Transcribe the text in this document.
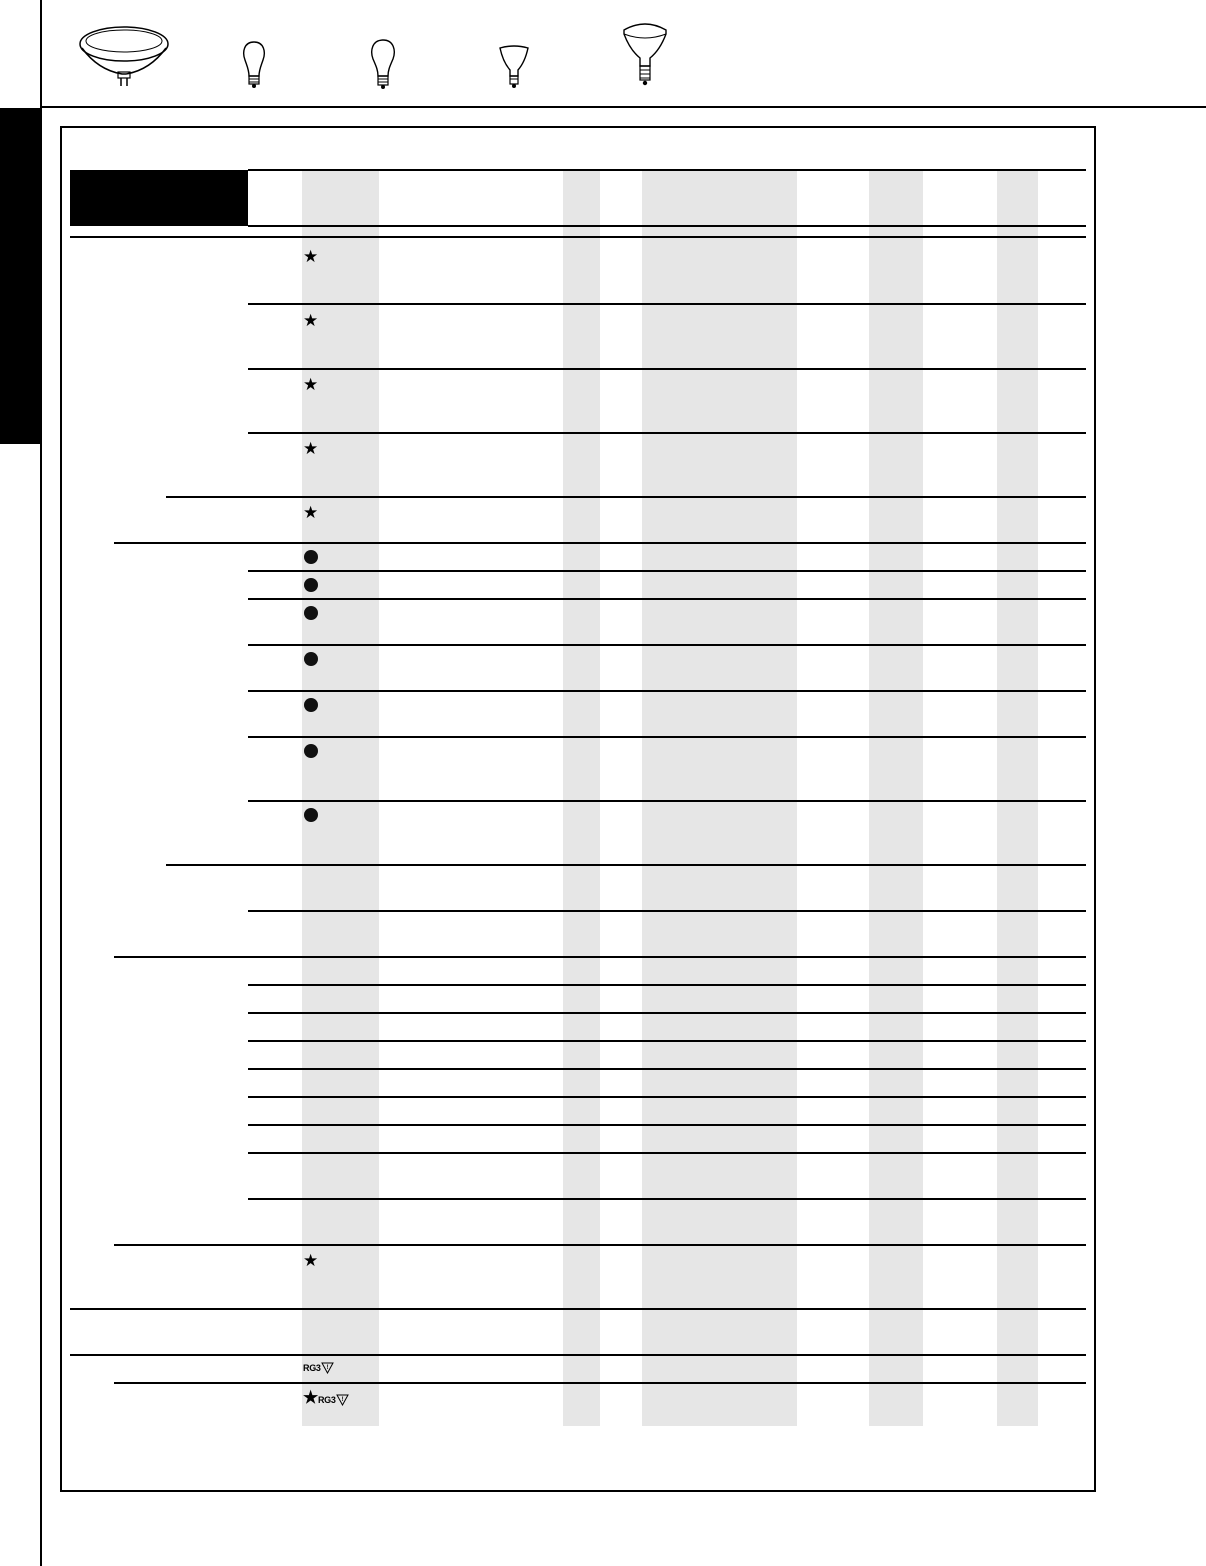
★
★
★
★
★
★
RG3 !
★ RG3 !
